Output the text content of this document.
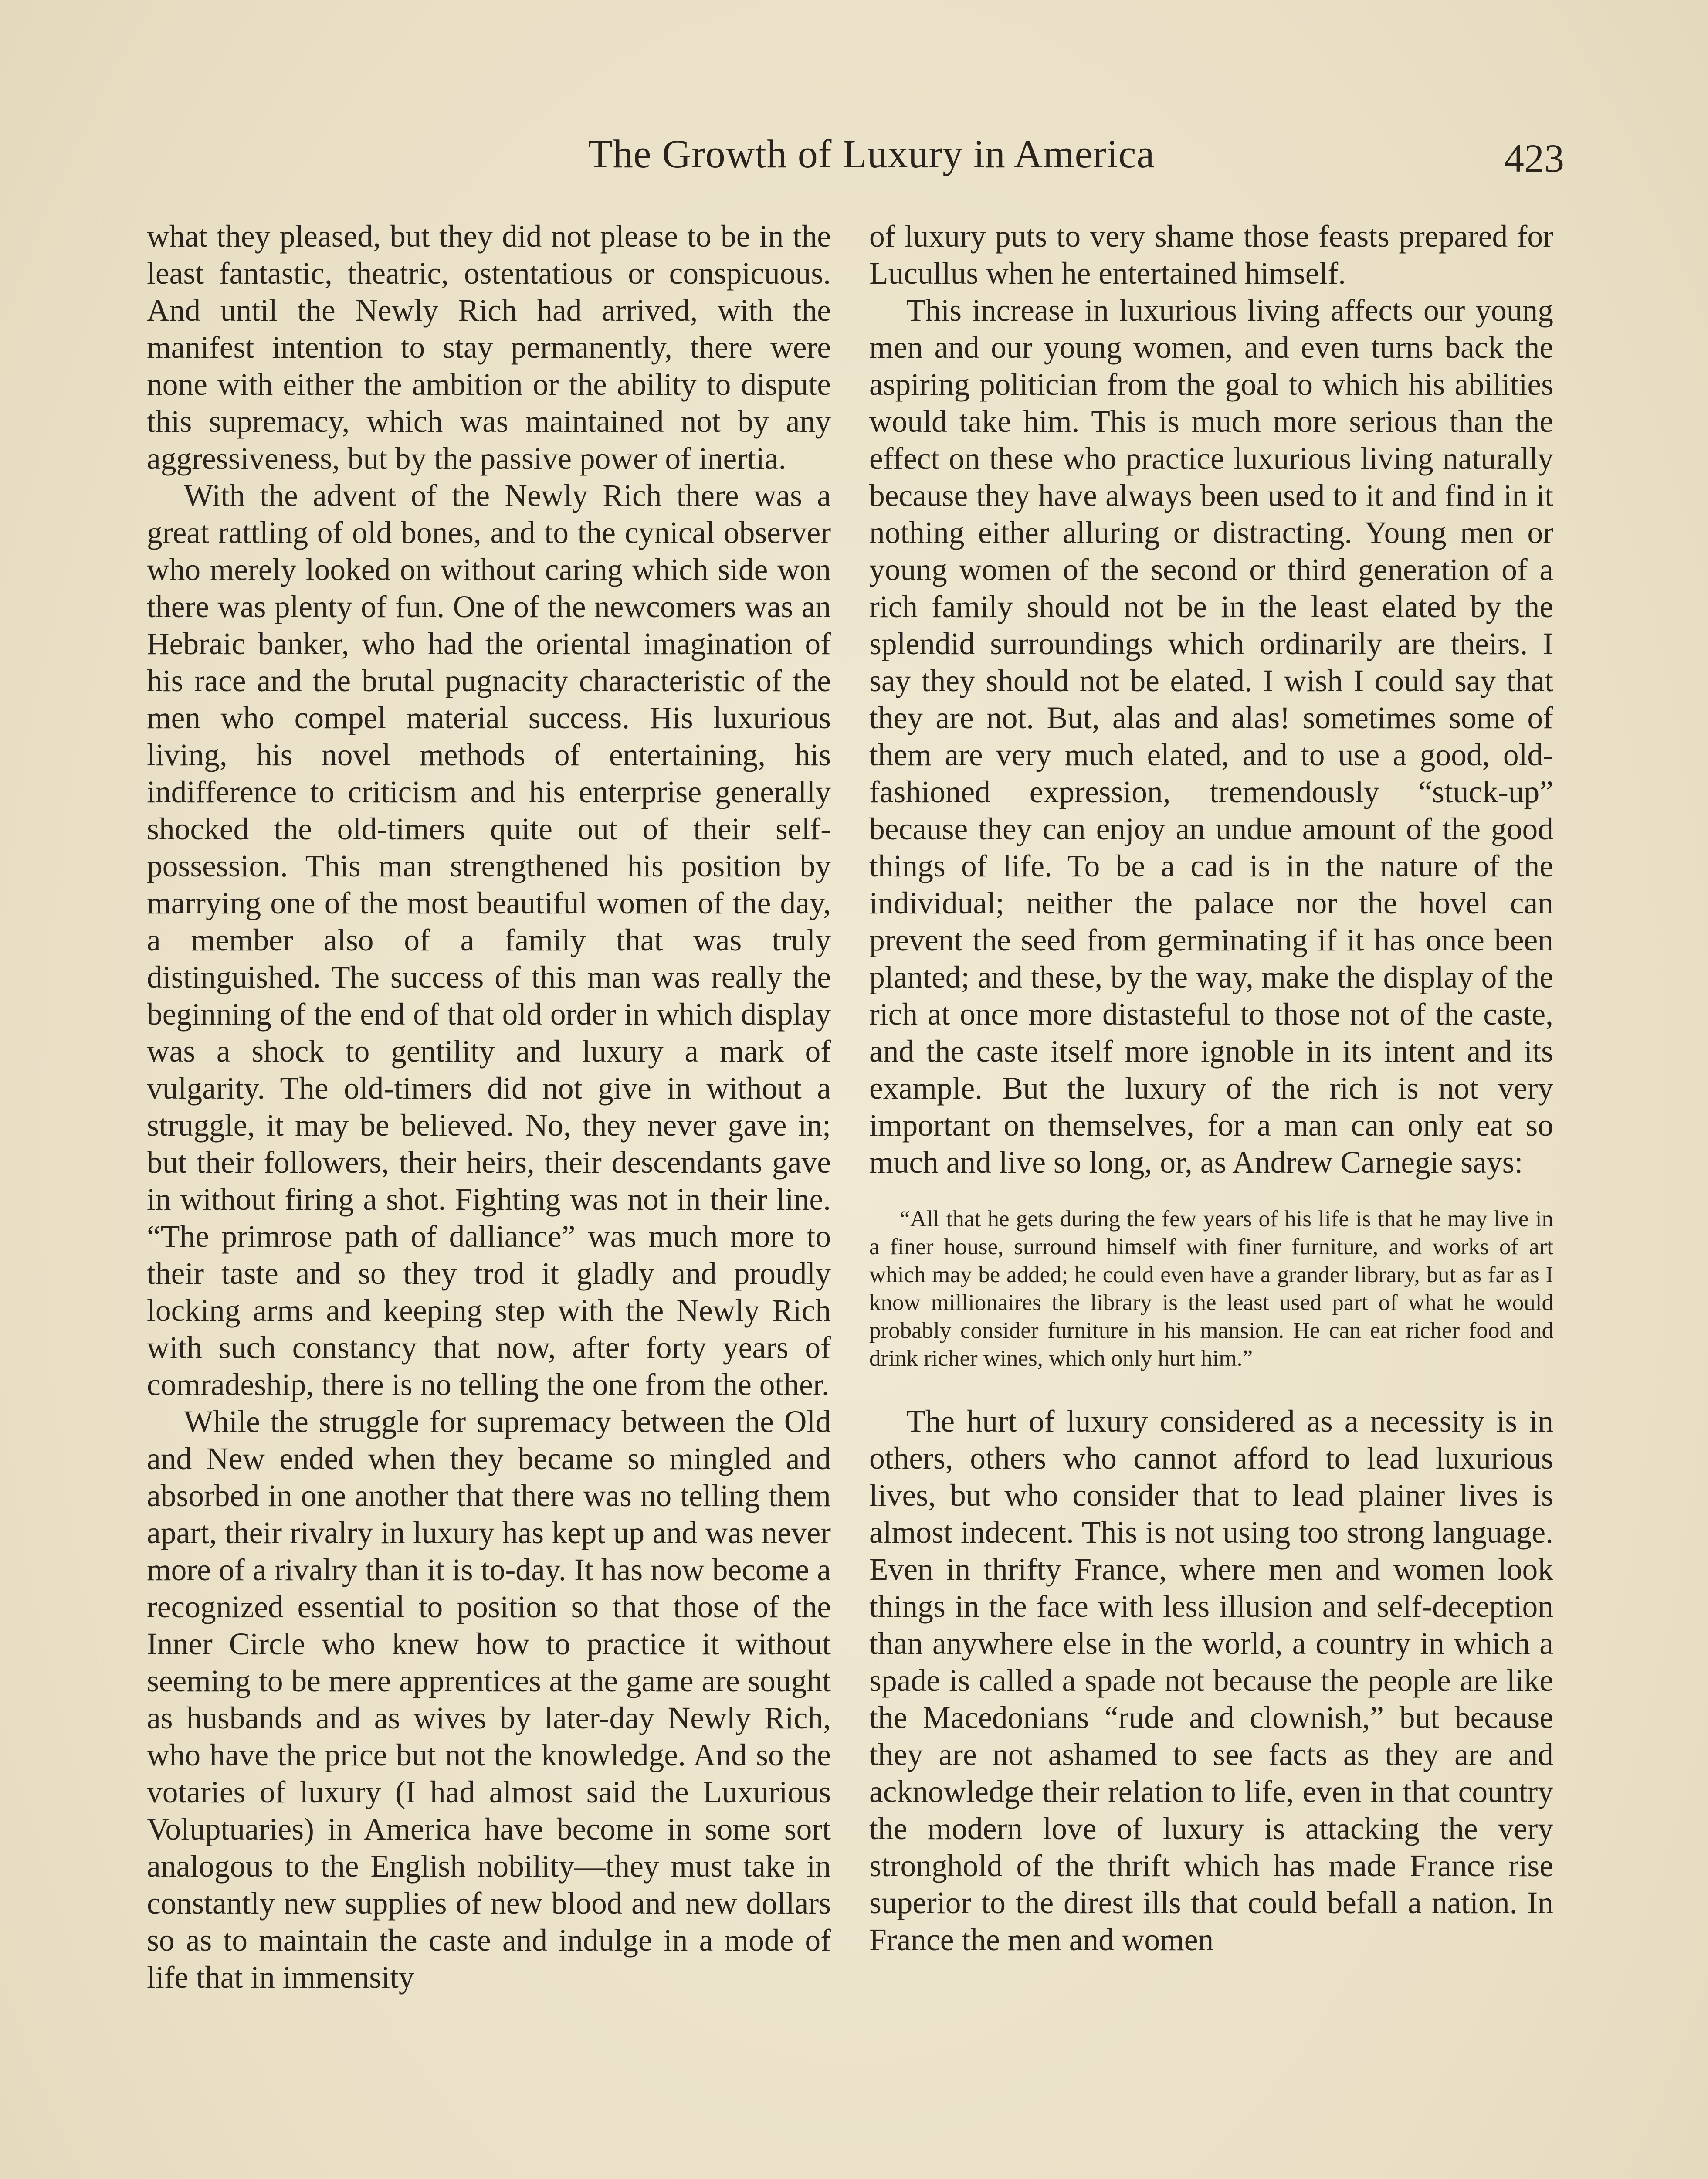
The Growth of Luxury in America	423

what they pleased, but they did not please to be in the least fantastic, theatric, ostentatious or conspicuous. And until the Newly Rich had arrived, with the manifest intention to stay permanently, there were none with either the ambition or the ability to dispute this supremacy, which was maintained not by any aggressiveness, but by the passive power of inertia.

With the advent of the Newly Rich there was a great rattling of old bones, and to the cynical observer who merely looked on without caring which side won there was plenty of fun. One of the newcomers was an Hebraic banker, who had the oriental imagination of his race and the brutal pugnacity characteristic of the men who compel material success. His luxurious living, his novel methods of entertaining, his indifference to criticism and his enterprise generally shocked the old-timers quite out of their self-possession. This man strengthened his position by marrying one of the most beautiful women of the day, a member also of a family that was truly distinguished. The success of this man was really the beginning of the end of that old order in which display was a shock to gentility and luxury a mark of vulgarity. The old-timers did not give in without a struggle, it may be believed. No, they never gave in; but their followers, their heirs, their descendants gave in without firing a shot. Fighting was not in their line. “The primrose path of dalliance” was much more to their taste and so they trod it gladly and proudly locking arms and keeping step with the Newly Rich with such constancy that now, after forty years of comradeship, there is no telling the one from the other.

While the struggle for supremacy between the Old and New ended when they became so mingled and absorbed in one another that there was no telling them apart, their rivalry in luxury has kept up and was never more of a rivalry than it is to-day. It has now become a recognized essential to position so that those of the Inner Circle who knew how to practice it without seeming to be mere apprentices at the game are sought as husbands and as wives by later-day Newly Rich, who have the price but not the knowledge. And so the votaries of luxury (I had almost said the Luxurious Voluptuaries) in America have become in some sort analogous to the English nobility—they must take in constantly new supplies of new blood and new dollars so as to maintain the caste and indulge in a mode of life that in immensity

of luxury puts to very shame those feasts prepared for Lucullus when he entertained himself.

This increase in luxurious living affects our young men and our young women, and even turns back the aspiring politician from the goal to which his abilities would take him. This is much more serious than the effect on these who practice luxurious living naturally because they have always been used to it and find in it nothing either alluring or distracting. Young men or young women of the second or third generation of a rich family should not be in the least elated by the splendid surroundings which ordinarily are theirs. I say they should not be elated. I wish I could say that they are not. But, alas and alas! sometimes some of them are very much elated, and to use a good, old-fashioned expression, tremendously “stuck-up” because they can enjoy an undue amount of the good things of life. To be a cad is in the nature of the individual; neither the palace nor the hovel can prevent the seed from germinating if it has once been planted; and these, by the way, make the display of the rich at once more distasteful to those not of the caste, and the caste itself more ignoble in its intent and its example. But the luxury of the rich is not very important on themselves, for a man can only eat so much and live so long, or, as Andrew Carnegie says:

“All that he gets during the few years of his life is that he may live in a finer house, surround himself with finer furniture, and works of art which may be added; he could even have a grander library, but as far as I know millionaires the library is the least used part of what he would probably consider furniture in his mansion. He can eat richer food and drink richer wines, which only hurt him.”

The hurt of luxury considered as a necessity is in others, others who cannot afford to lead luxurious lives, but who consider that to lead plainer lives is almost indecent. This is not using too strong language. Even in thrifty France, where men and women look things in the face with less illusion and self-deception than anywhere else in the world, a country in which a spade is called a spade not because the people are like the Macedonians “rude and clownish,” but because they are not ashamed to see facts as they are and acknowledge their relation to life, even in that country the modern love of luxury is attacking the very stronghold of the thrift which has made France rise superior to the direst ills that could befall a nation. In France the men and women
